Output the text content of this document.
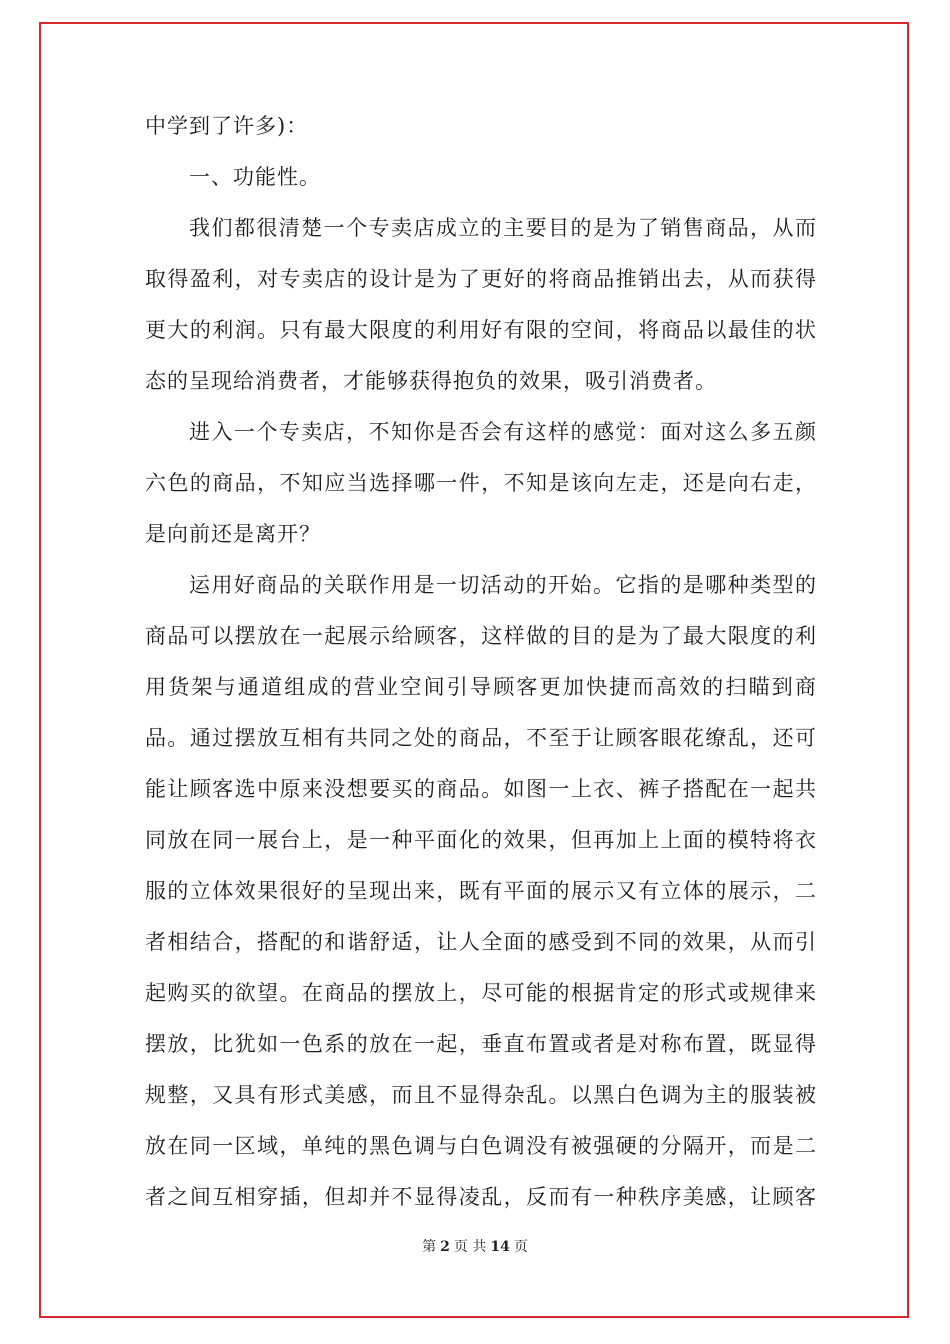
中学到了许多)：
一、功能性。
我们都很清楚一个专卖店成立的主要目的是为了销售商品，从而
取得盈利，对专卖店的设计是为了更好的将商品推销出去，从而获得
更大的利润。只有最大限度的利用好有限的空间，将商品以最佳的状
态的呈现给消费者，才能够获得抱负的效果，吸引消费者。
进入一个专卖店，不知你是否会有这样的感觉：面对这么多五颜
六色的商品，不知应当选择哪一件，不知是该向左走，还是向右走，
是向前还是离开？
运用好商品的关联作用是一切活动的开始。它指的是哪种类型的
商品可以摆放在一起展示给顾客，这样做的目的是为了最大限度的利
用货架与通道组成的营业空间引导顾客更加快捷而高效的扫瞄到商
品。通过摆放互相有共同之处的商品，不至于让顾客眼花缭乱，还可
能让顾客选中原来没想要买的商品。如图一上衣、裤子搭配在一起共
同放在同一展台上，是一种平面化的效果，但再加上上面的模特将衣
服的立体效果很好的呈现出来，既有平面的展示又有立体的展示，二
者相结合，搭配的和谐舒适，让人全面的感受到不同的效果，从而引
起购买的欲望。在商品的摆放上，尽可能的根据肯定的形式或规律来
摆放，比犹如一色系的放在一起，垂直布置或者是对称布置，既显得
规整，又具有形式美感，而且不显得杂乱。以黑白色调为主的服装被
放在同一区域，单纯的黑色调与白色调没有被强硬的分隔开，而是二
者之间互相穿插，但却并不显得凌乱，反而有一种秩序美感，让顾客
第 2 页 共 14 页
